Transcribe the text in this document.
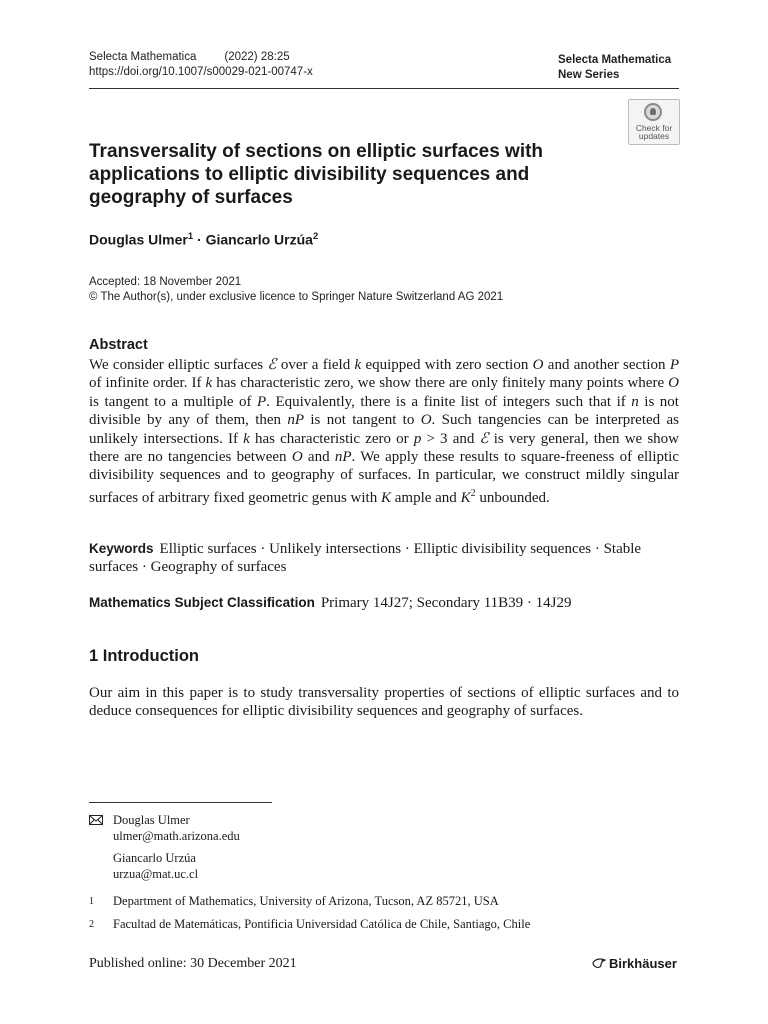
Selecta Mathematica (2022) 28:25
https://doi.org/10.1007/s00029-021-00747-x
Selecta Mathematica
New Series
Check for
updates
Transversality of sections on elliptic surfaces with applications to elliptic divisibility sequences and geography of surfaces
Douglas Ulmer$^1$ · Giancarlo Urzúa$^2$
Accepted: 18 November 2021
© The Author(s), under exclusive licence to Springer Nature Switzerland AG 2021
Abstract
We consider elliptic surfaces ℰ over a field k equipped with zero section O and another section P of infinite order. If k has characteristic zero, we show there are only finitely many points where O is tangent to a multiple of P. Equivalently, there is a finite list of integers such that if n is not divisible by any of them, then nP is not tangent to O. Such tangencies can be interpreted as unlikely intersections. If k has characteristic zero or p > 3 and ℰ is very general, then we show there are no tangencies between O and nP. We apply these results to square-freeness of elliptic divisibility sequences and to geography of surfaces. In particular, we construct mildly singular surfaces of arbitrary fixed geometric genus with K ample and $K^2$ unbounded.
Keywords Elliptic surfaces · Unlikely intersections · Elliptic divisibility sequences · Stable surfaces · Geography of surfaces
Mathematics Subject Classification Primary 14J27; Secondary 11B39 · 14J29
1 Introduction
Our aim in this paper is to study transversality properties of sections of elliptic surfaces and to deduce consequences for elliptic divisibility sequences and geography of surfaces.
Douglas Ulmer
ulmer@math.arizona.edu
Giancarlo Urzúa
urzua@mat.uc.cl
1 Department of Mathematics, University of Arizona, Tucson, AZ 85721, USA
2 Facultad de Matemáticas, Pontificia Universidad Católica de Chile, Santiago, Chile
Published online: 30 December 2021	Birkhäuser
